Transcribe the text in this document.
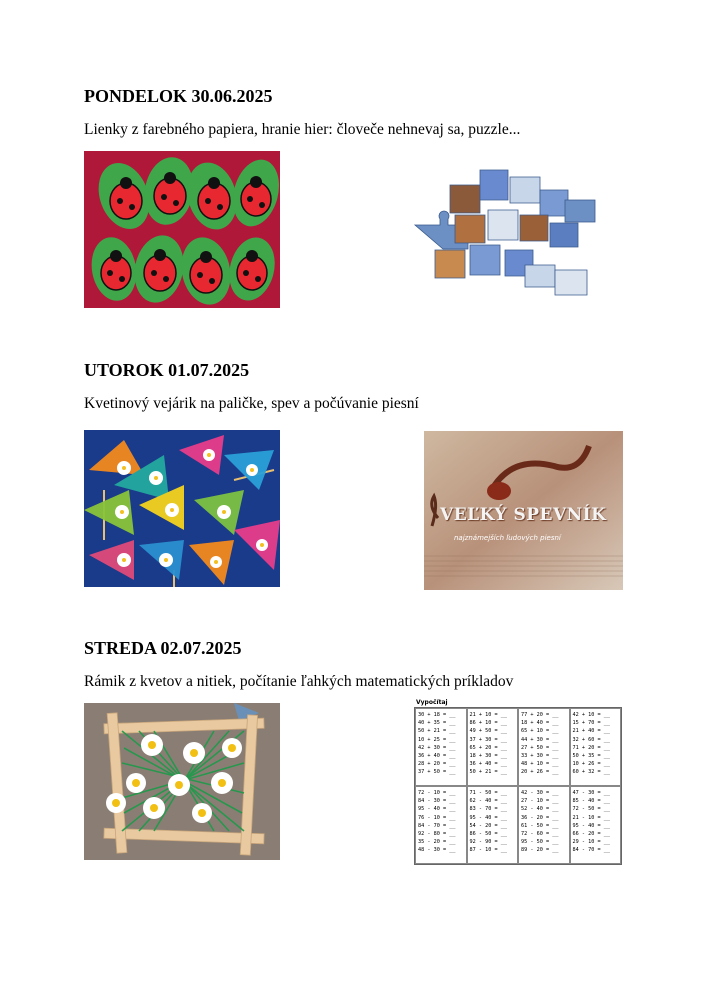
PONDELOK 30.06.2025

Lienky z farebného papiera, hranie hier: človeče nehnevaj sa, puzzle...

UTOROK 01.07.2025

Kvetinový vejárik na paličke, spev a počúvanie piesní

VEĽKÝ SPEVNÍK
najznámejších ľudových piesní
STREDA 02.07.2025

Rámik z kvetov a nitiek, počítanie ľahkých matematických príkladov

Vypočítaj
30 + 18 = __
40 + 35 = __
50 + 21 = __
10 + 25 = __
42 + 30 = __
36 + 40 = __
28 + 20 = __
37 + 50 = __
21 + 10 = __
86 + 10 = __
49 + 50 = __
37 + 30 = __
65 + 20 = __
18 + 30 = __
36 + 40 = __
50 + 21 = __
77 + 20 = __
18 + 40 = __
65 + 10 = __
44 + 30 = __
27 + 50 = __
33 + 30 = __
48 + 10 = __
20 + 26 = __
42 + 10 = __
15 + 70 = __
21 + 40 = __
32 + 60 = __
71 + 20 = __
50 + 35 = __
10 + 26 = __
60 + 32 = __
72 - 10 = __
84 - 30 = __
95 - 40 = __
76 - 10 = __
84 - 70 = __
92 - 80 = __
35 - 20 = __
48 - 30 = __
71 - 50 = __
62 - 40 = __
83 - 70 = __
95 - 40 = __
54 - 20 = __
86 - 50 = __
92 - 90 = __
87 - 10 = __
42 - 30 = __
27 - 10 = __
52 - 40 = __
36 - 20 = __
61 - 50 = __
72 - 60 = __
95 - 50 = __
89 - 20 = __
47 - 30 = __
85 - 40 = __
72 - 50 = __
21 - 10 = __
95 - 40 = __
66 - 20 = __
29 - 10 = __
84 - 70 = __
